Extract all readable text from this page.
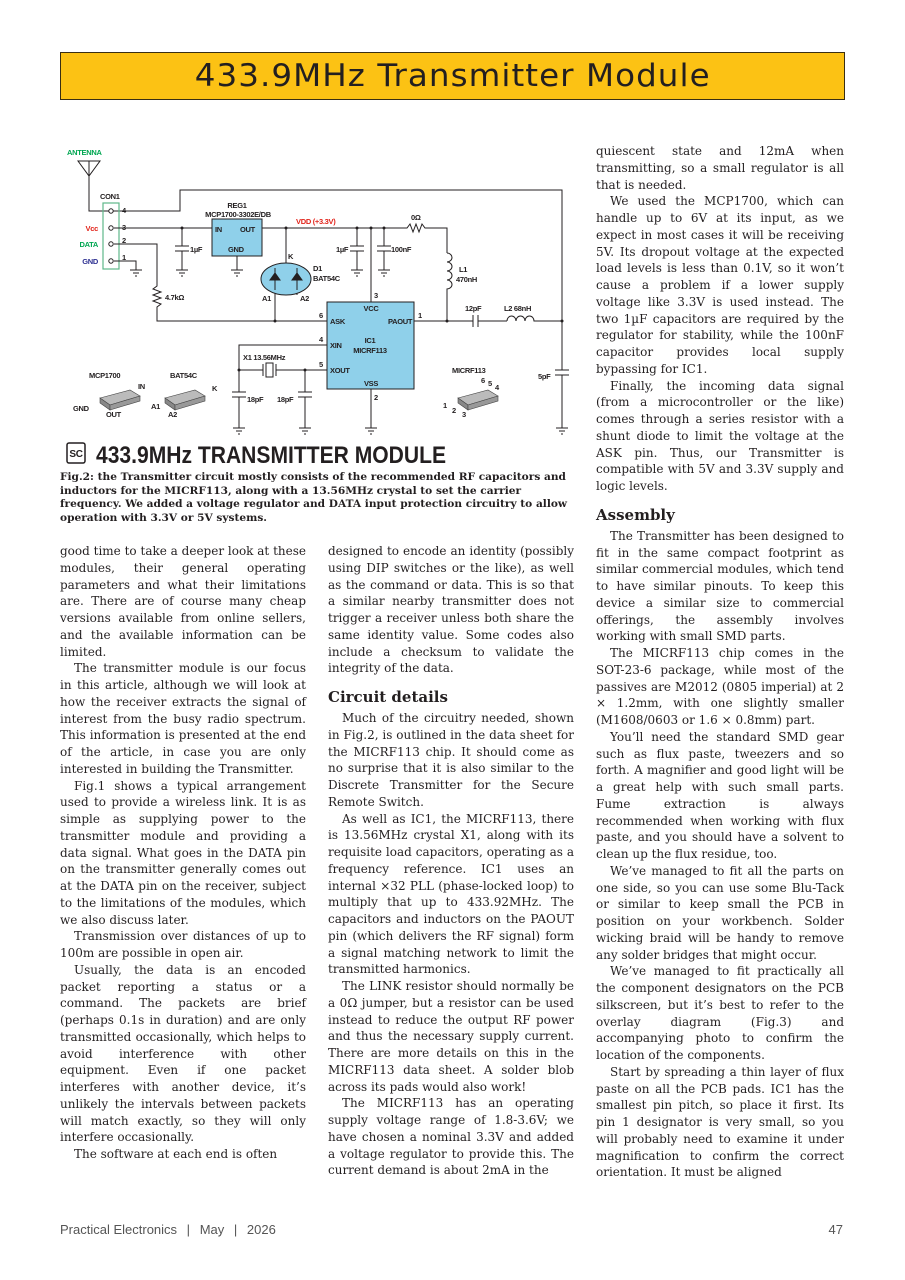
433.9MHz Transmitter Module
ANTENNA
CON1
4
3
2
1
Vcc
DATA
GND
REG1
MCP1700-3302E/DB
IN OUT
GND
VDD (+3.3V)
1µF	1µF	100nF
0Ω
L1
470nH
D1
BAT54C
K
A1	A2
4.7kΩ
IC1
MICRF113
VCC
ASK
XIN
XOUT
VSS
PAOUT
3
6
4
5
2
1
X1 13.56MHz
18pF 18pF
12pF	L2 68nH
5pF
MCP1700
IN
GND
OUT
BAT54C
K
A1
A2
MICRF113
1
2 3
4
5
6
SC 433.9MHz TRANSMITTER MODULE
Fig.2: the Transmitter circuit mostly consists of the recommended RF capacitors and inductors for the MICRF113, along with a 13.56MHz crystal to set the carrier frequency. We added a voltage regulator and DATA input protection circuitry to allow operation with 3.3V or 5V systems.

good time to take a deeper look at these modules, their general operating parameters and what their limitations are. There are of course many cheap versions available from online sellers, and the available information can be limited.

The transmitter module is our focus in this article, although we will look at how the receiver extracts the signal of interest from the busy radio spectrum. This information is presented at the end of the article, in case you are only interested in building the Transmitter.

Fig.1 shows a typical arrangement used to provide a wireless link. It is as simple as supplying power to the transmitter module and providing a data signal. What goes in the DATA pin on the transmitter generally comes out at the DATA pin on the receiver, subject to the limitations of the modules, which we also discuss later.

Transmission over distances of up to 100m are possible in open air.

Usually, the data is an encoded packet reporting a status or a command. The packets are brief (perhaps 0.1s in duration) and are only transmitted occasionally, which helps to avoid interference with other equipment. Even if one packet interferes with another device, it’s unlikely the intervals between packets will match exactly, so they will only interfere occasionally.

The software at each end is often

designed to encode an identity (possibly using DIP switches or the like), as well as the command or data. This is so that a similar nearby transmitter does not trigger a receiver unless both share the same identity value. Some codes also include a checksum to validate the integrity of the data.

Circuit details

Much of the circuitry needed, shown in Fig.2, is outlined in the data sheet for the MICRF113 chip. It should come as no surprise that it is also similar to the Discrete Transmitter for the Secure Remote Switch.

As well as IC1, the MICRF113, there is 13.56MHz crystal X1, along with its requisite load capacitors, operating as a frequency reference. IC1 uses an internal ×32 PLL (phase-locked loop) to multiply that up to 433.92MHz. The capacitors and inductors on the PAOUT pin (which delivers the RF signal) form a signal matching network to limit the transmitted harmonics.

The LINK resistor should normally be a 0Ω jumper, but a resistor can be used instead to reduce the output RF power and thus the necessary supply current. There are more details on this in the MICRF113 data sheet. A solder blob across its pads would also work!

The MICRF113 has an operating supply voltage range of 1.8-3.6V; we have chosen a nominal 3.3V and added a voltage regulator to provide this. The current demand is about 2mA in the

quiescent state and 12mA when transmitting, so a small regulator is all that is needed.

We used the MCP1700, which can handle up to 6V at its input, as we expect in most cases it will be receiving 5V. Its dropout voltage at the expected load levels is less than 0.1V, so it won’t cause a problem if a lower supply voltage like 3.3V is used instead. The two 1µF capacitors are required by the regulator for stability, while the 100nF capacitor provides local supply bypassing for IC1.

Finally, the incoming data signal (from a microcontroller or the like) comes through a series resistor with a shunt diode to limit the voltage at the ASK pin. Thus, our Transmitter is compatible with 5V and 3.3V supply and logic levels.

Assembly

The Transmitter has been designed to fit in the same compact footprint as similar commercial modules, which tend to have similar pinouts. To keep this device a similar size to commercial offerings, the assembly involves working with small SMD parts.

The MICRF113 chip comes in the SOT-23-6 package, while most of the passives are M2012 (0805 imperial) at 2 × 1.2mm, with one slightly smaller (M1608/0603 or 1.6 × 0.8mm) part.

You’ll need the standard SMD gear such as flux paste, tweezers and so forth. A magnifier and good light will be a great help with such small parts. Fume extraction is always recommended when working with flux paste, and you should have a solvent to clean up the flux residue, too.

We’ve managed to fit all the parts on one side, so you can use some Blu-Tack or similar to keep small the PCB in position on your workbench. Solder wicking braid will be handy to remove any solder bridges that might occur.

We’ve managed to fit practically all the component designators on the PCB silkscreen, but it’s best to refer to the overlay diagram (Fig.3) and accompanying photo to confirm the location of the components.

Start by spreading a thin layer of flux paste on all the PCB pads. IC1 has the smallest pin pitch, so place it first. Its pin 1 designator is very small, so you will probably need to examine it under magnification to confirm the correct orientation. It must be aligned

Practical Electronics | May | 2026	47
